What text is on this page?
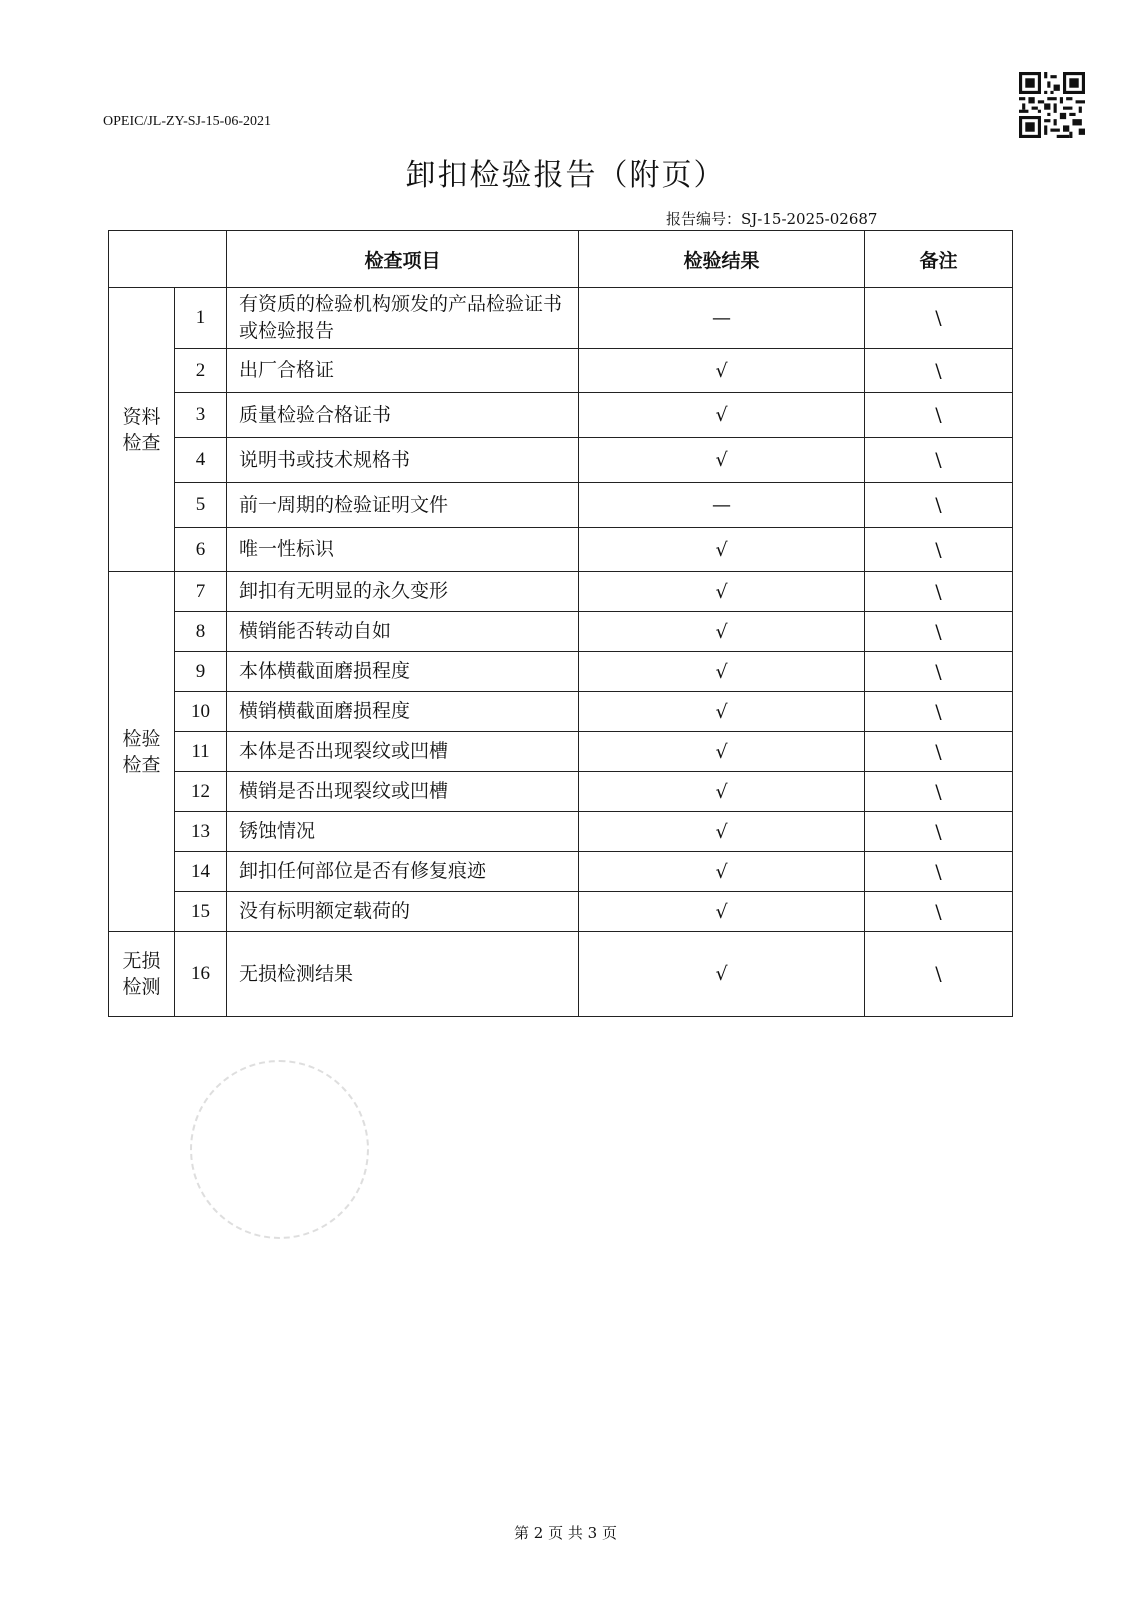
OPEIC/JL-ZY-SJ-15-06-2021
卸扣检验报告（附页）
报告编号：SJ-15-2025-02687

		检查项目	检验结果	备注

资料
检查	1	有资质的检验机构颁发的产品检验证书或检验报告	—	\
	2	出厂合格证	√	\
	3	质量检验合格证书	√	\
	4	说明书或技术规格书	√	\
	5	前一周期的检验证明文件	—	\
	6	唯一性标识	√	\

检验
检查	7	卸扣有无明显的永久变形	√	\
	8	横销能否转动自如	√	\
	9	本体横截面磨损程度	√	\
	10	横销横截面磨损程度	√	\
	11	本体是否出现裂纹或凹槽	√	\
	12	横销是否出现裂纹或凹槽	√	\
	13	锈蚀情况	√	\
	14	卸扣任何部位是否有修复痕迹	√	\
	15	没有标明额定载荷的	√	\

无损
检测	16	无损检测结果	√	\
第 2 页 共 3 页
